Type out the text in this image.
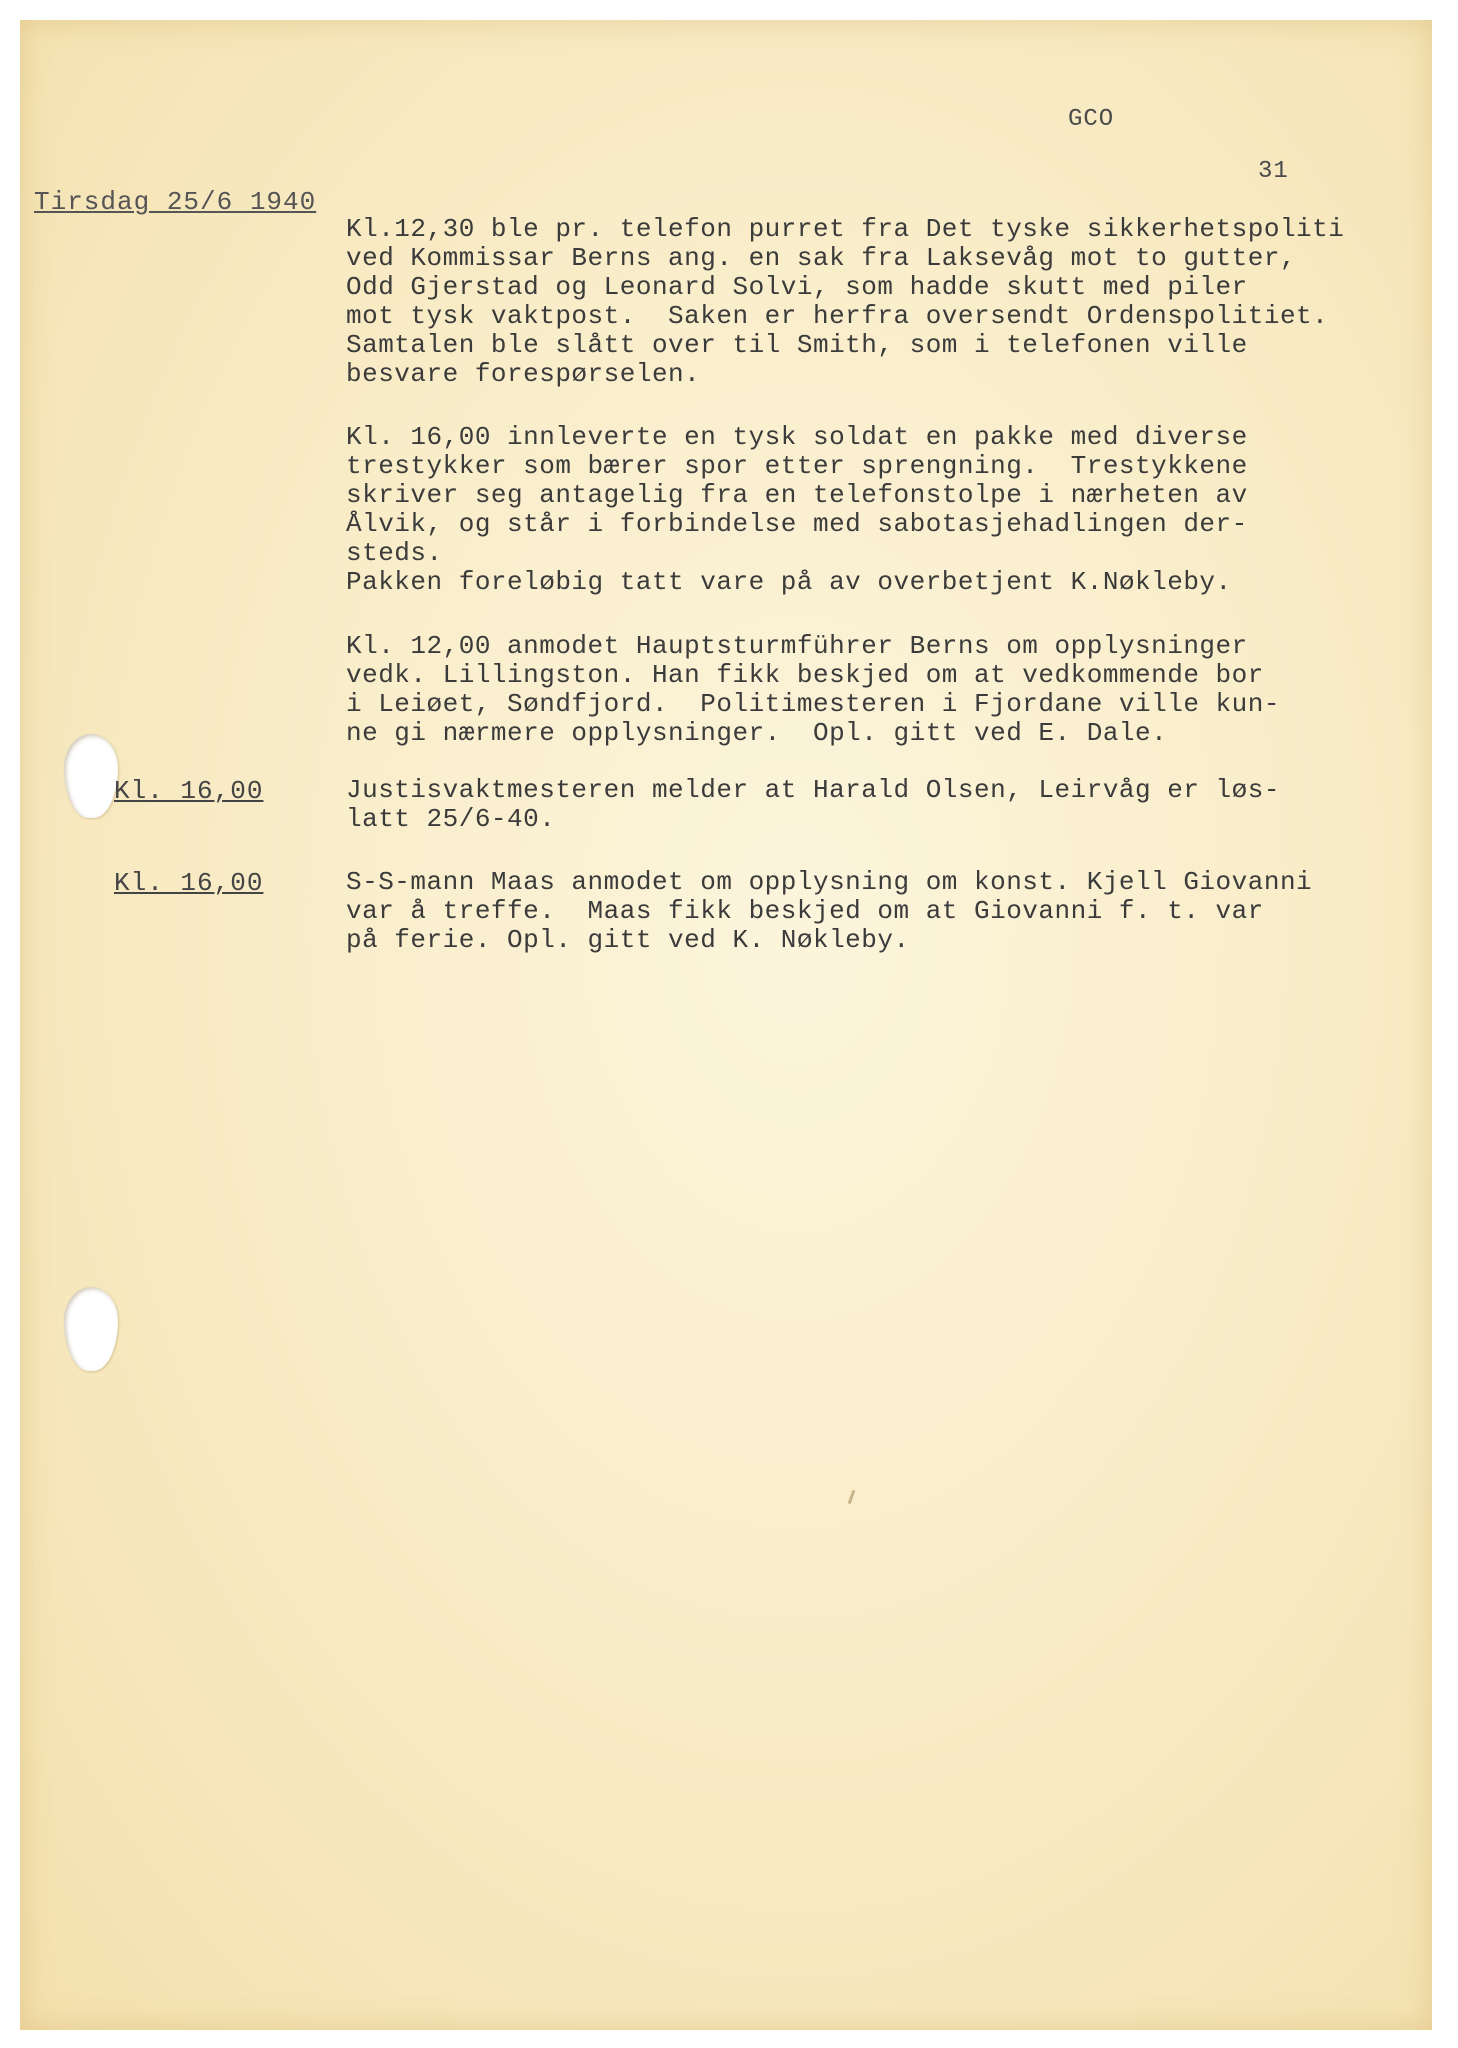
GCO
31
Tirsdag 25/6 1940
Kl.12,30 ble pr. telefon purret fra Det tyske sikkerhetspoliti
ved Kommissar Berns ang. en sak fra Laksevåg mot to gutter,
Odd Gjerstad og Leonard Solvi, som hadde skutt med piler
mot tysk vaktpost.  Saken er herfra oversendt Ordenspolitiet.
Samtalen ble slått over til Smith, som i telefonen ville
besvare forespørselen.
Kl. 16,00 innleverte en tysk soldat en pakke med diverse
trestykker som bærer spor etter sprengning.  Trestykkene
skriver seg antagelig fra en telefonstolpe i nærheten av
Ålvik, og står i forbindelse med sabotasjehadlingen der-
steds.
Pakken foreløbig tatt vare på av overbetjent K.Nøkleby.
Kl. 12,00 anmodet Hauptsturmführer Berns om opplysninger
vedk. Lillingston. Han fikk beskjed om at vedkommende bor
i Leiøet, Søndfjord.  Politimesteren i Fjordane ville kun-
ne gi nærmere opplysninger.  Opl. gitt ved E. Dale.
Kl. 16,00	Justisvaktmesteren melder at Harald Olsen, Leirvåg er løs-
latt 25/6-40.
Kl. 16,00	S-S-mann Maas anmodet om opplysning om konst. Kjell Giovanni
var å treffe.  Maas fikk beskjed om at Giovanni f. t. var
på ferie. Opl. gitt ved K. Nøkleby.
